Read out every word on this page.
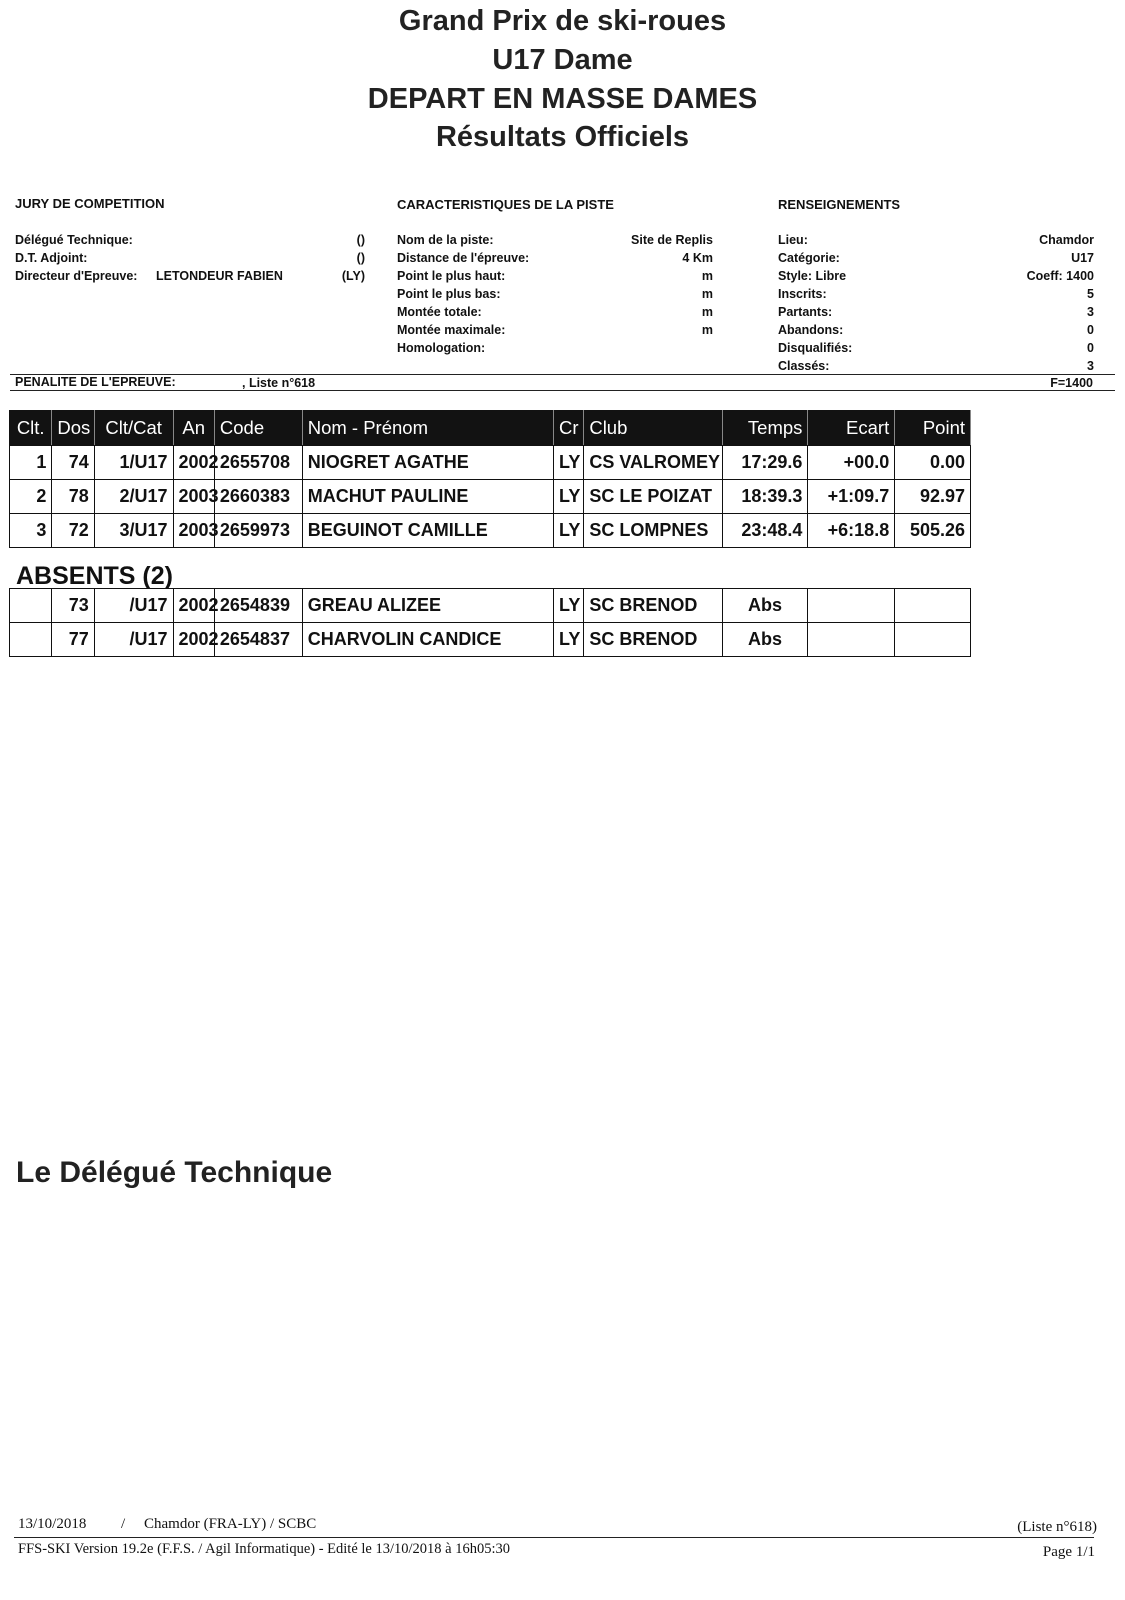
Grand Prix de ski-roues
U17 Dame
DEPART EN MASSE DAMES
Résultats Officiels
JURY DE COMPETITION	CARACTERISTIQUES DE LA PISTE	RENSEIGNEMENTS
Délégué Technique:	()
D.T. Adjoint:	()
Directeur d'Epreuve:	LETONDEUR FABIEN	(LY)
Nom de la piste:	Site de Replis
Distance de l'épreuve:	4 Km
Point le plus haut:	m
Point le plus bas:	m
Montée totale:	m
Montée maximale:	m
Homologation:
Lieu:	Chamdor
Catégorie:	U17
Style: Libre	Coeff: 1400
Inscrits:	5
Partants:	3
Abandons:	0
Disqualifiés:	0
Classés:	3
PENALITE DE L'EPREUVE:	, Liste n°618	F=1400
Clt.	Dos	Clt/Cat	An	Code	Nom - Prénom	Cr	Club	Temps	Ecart	Point
1	74	1/U17	2002	2655708	NIOGRET AGATHE	LY	CS VALROMEY	17:29.6	+00.0	0.00
2	78	2/U17	2003	2660383	MACHUT PAULINE	LY	SC LE POIZAT	18:39.3	+1:09.7	92.97
3	72	3/U17	2003	2659973	BEGUINOT CAMILLE	LY	SC LOMPNES	23:48.4	+6:18.8	505.26
ABSENTS (2)
	73	/U17	2002	2654839	GREAU ALIZEE	LY	SC BRENOD	Abs		
	77	/U17	2002	2654837	CHARVOLIN CANDICE	LY	SC BRENOD	Abs		
Le Délégué Technique
13/10/2018 / Chamdor (FRA-LY) / SCBC	(Liste n°618)
FFS-SKI Version 19.2e (F.F.S. / Agil Informatique) - Edité le 13/10/2018 à 16h05:30	Page 1/1
